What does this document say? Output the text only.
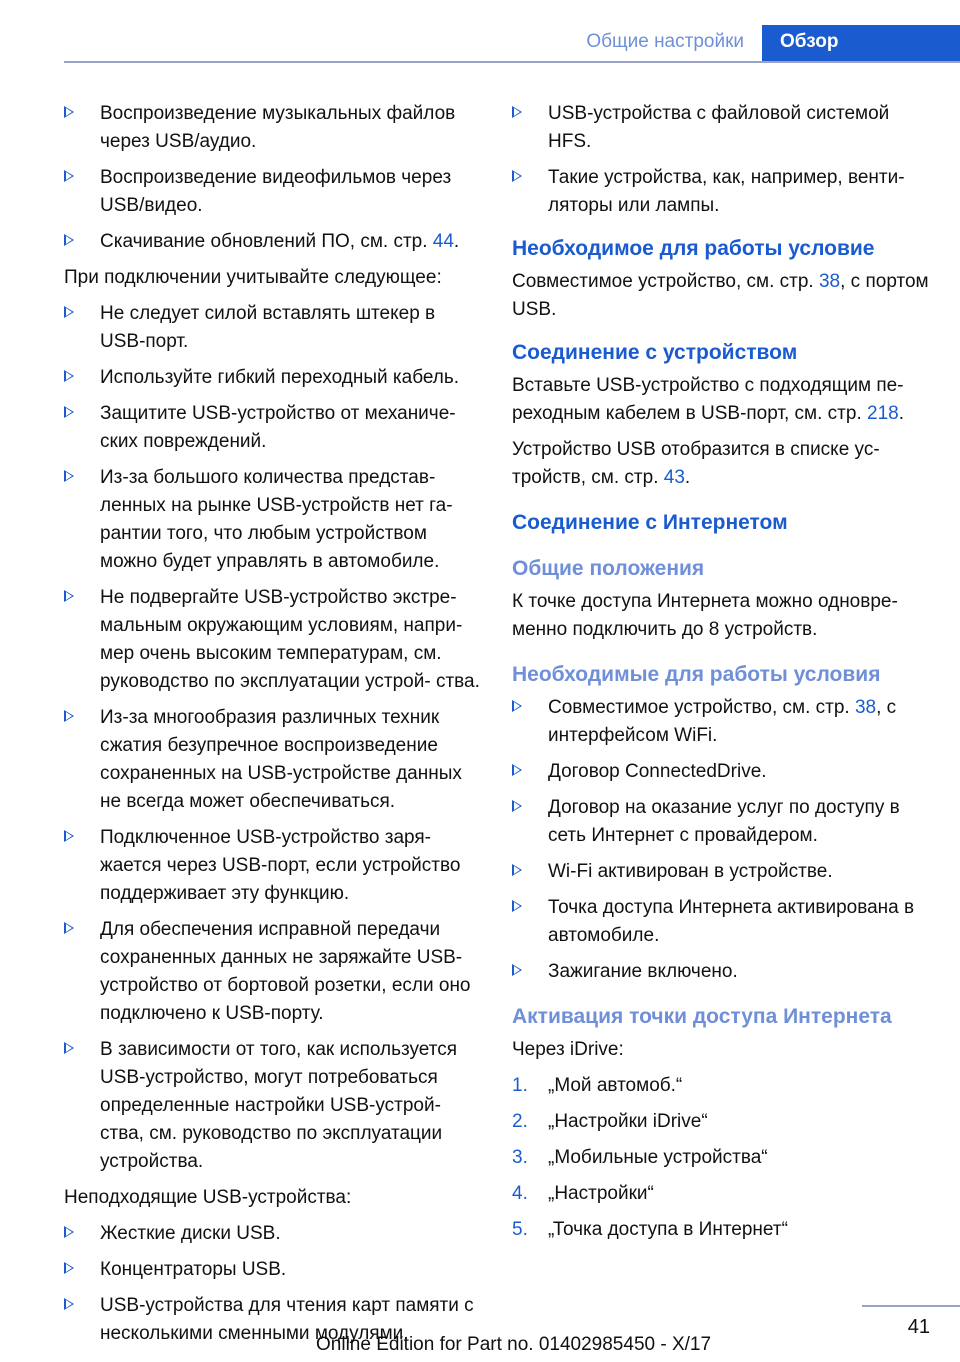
Общие настройки	Обзор
Воспроизведение музыкальных файлов через USB/аудио.
Воспроизведение видеофильмов через USB/видео.
Скачивание обновлений ПО, см. стр. 44.
При подключении учитывайте следующее:
Не следует силой вставлять штекер в USB-порт.
Используйте гибкий переходный кабель.
Защитите USB-устройство от механиче- ских повреждений.
Из-за большого количества представ- ленных на рынке USB-устройств нет га- рантии того, что любым устройством можно будет управлять в автомобиле.
Не подвергайте USB-устройство экстре- мальным окружающим условиям, напри- мер очень высоким температурам, см. руководство по эксплуатации устрой- ства.
Из-за многообразия различных техник сжатия безупречное воспроизведение сохраненных на USB-устройстве данных не всегда может обеспечиваться.
Подключенное USB-устройство заря- жается через USB-порт, если устройство поддерживает эту функцию.
Для обеспечения исправной передачи сохраненных данных не заряжайте USB- устройство от бортовой розетки, если оно подключено к USB-порту.
В зависимости от того, как используется USB-устройство, могут потребоваться определенные настройки USB-устрой- ства, см. руководство по эксплуатации устройства.
Неподходящие USB-устройства:
Жесткие диски USB.
Концентраторы USB.
USB-устройства для чтения карт памяти с несколькими сменными модулями.
USB-устройства с файловой системой HFS.
Такие устройства, как, например, венти- ляторы или лампы.
Необходимое для работы условие
Совместимое устройство, см. стр. 38, с портом USB.
Соединение с устройством
Вставьте USB-устройство с подходящим пе- реходным кабелем в USB-порт, см. стр. 218.
Устройство USB отобразится в списке ус- тройств, см. стр. 43.
Соединение с Интернетом
Общие положения
К точке доступа Интернета можно одновре- менно подключить до 8 устройств.
Необходимые для работы условия
Совместимое устройство, см. стр. 38, с интерфейсом WiFi.
Договор ConnectedDrive.
Договор на оказание услуг по доступу в сеть Интернет с провайдером.
Wi-Fi активирован в устройстве.
Точка доступа Интернета активирована в автомобиле.
Зажигание включено.
Активация точки доступа Интернета
Через iDrive:
1. „Мой автомоб.“
2. „Настройки iDrive“
3. „Мобильные устройства“
4. „Настройки“
5. „Точка доступа в Интернет“
41
Online Edition for Part no. 01402985450 - X/17
